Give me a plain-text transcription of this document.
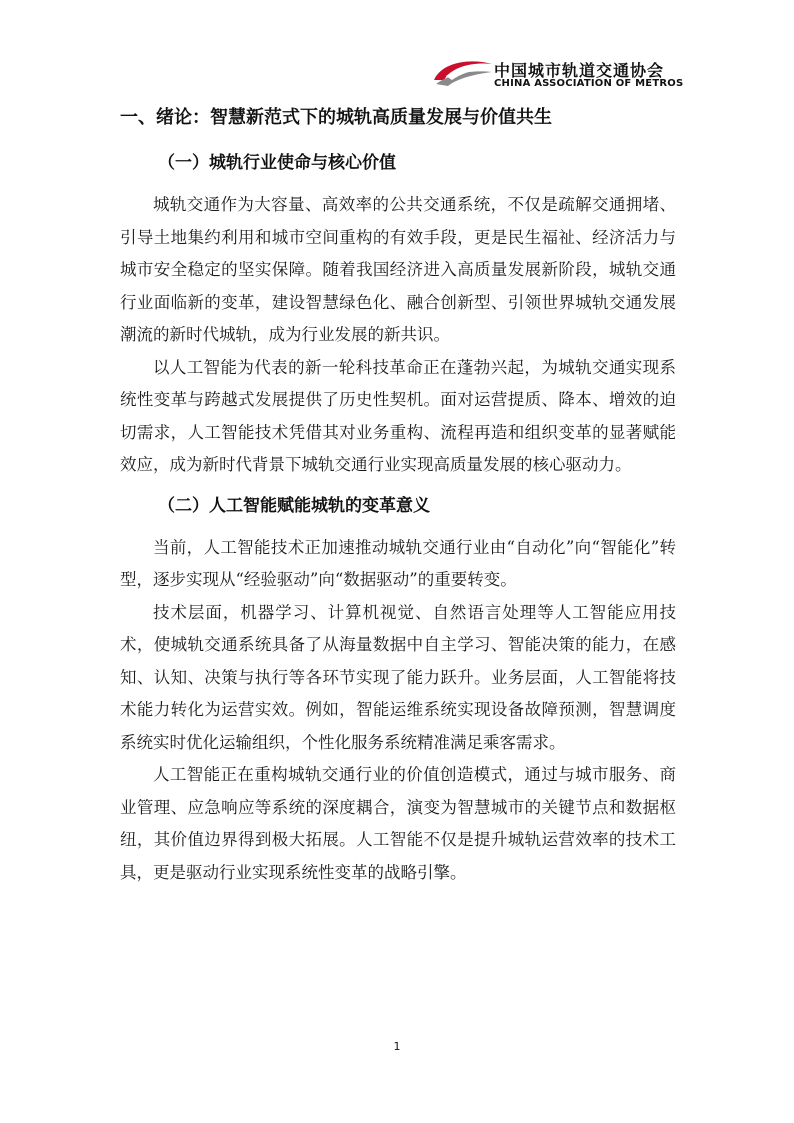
中国城市轨道交通协会
CHINA ASSOCIATION OF METROS
一、绪论：智慧新范式下的城轨高质量发展与价值共生
（一）城轨行业使命与核心价值

城轨交通作为大容量、高效率的公共交通系统，不仅是疏解交通拥堵、引导土地集约利用和城市空间重构的有效手段，更是民生福祉、经济活力与城市安全稳定的坚实保障。随着我国经济进入高质量发展新阶段，城轨交通行业面临新的变革，建设智慧绿色化、融合创新型、引领世界城轨交通发展潮流的新时代城轨，成为行业发展的新共识。

以人工智能为代表的新一轮科技革命正在蓬勃兴起，为城轨交通实现系统性变革与跨越式发展提供了历史性契机。面对运营提质、降本、增效的迫切需求，人工智能技术凭借其对业务重构、流程再造和组织变革的显著赋能效应，成为新时代背景下城轨交通行业实现高质量发展的核心驱动力。

（二）人工智能赋能城轨的变革意义

当前，人工智能技术正加速推动城轨交通行业由“自动化”向“智能化”转型，逐步实现从“经验驱动”向“数据驱动”的重要转变。

技术层面，机器学习、计算机视觉、自然语言处理等人工智能应用技术，使城轨交通系统具备了从海量数据中自主学习、智能决策的能力，在感知、认知、决策与执行等各环节实现了能力跃升。业务层面，人工智能将技术能力转化为运营实效。例如，智能运维系统实现设备故障预测，智慧调度系统实时优化运输组织，个性化服务系统精准满足乘客需求。

人工智能正在重构城轨交通行业的价值创造模式，通过与城市服务、商业管理、应急响应等系统的深度耦合，演变为智慧城市的关键节点和数据枢纽，其价值边界得到极大拓展。人工智能不仅是提升城轨运营效率的技术工具，更是驱动行业实现系统性变革的战略引擎。

1
